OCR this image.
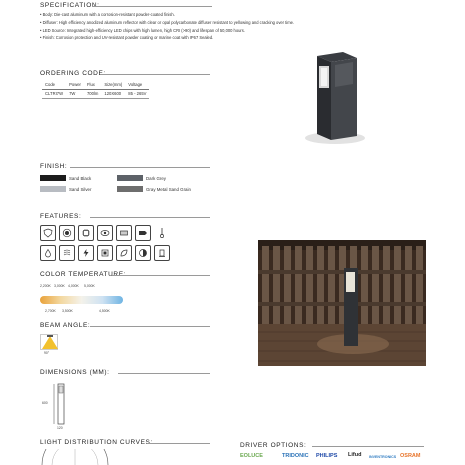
SPECIFICATION:
• Body: Die-cast aluminum with a corrosion-resistant powder-coated finish.
• Diffuser: High efficiency anodized aluminum reflector with clear or opal polycarbonate diffuser resistant to yellowing and cracking over time.
• LED Source: Integrated high-efficiency LED chips with high lumen, high CRI (>90) and lifespan of 50,000 hours.
• Finish: Corrosion protection and UV-resistant powder coating or marine coat with IP67 Sealed.
ORDERING CODE:
Code	Power	Flux	Size(mm)	Voltage
CLTRI7W	7W	700lm	120X600	85 - 265V
FINISH:
Sand Black
Sand Silver
Dark Grey
Gray Metal Sand Grain
FEATURES:
COLOR TEMPERATURE:
2,200K 3,000K 4,000K 5,000K
2,700K 3,500K	4,500K
BEAM ANGLE:
90°
DIMENSIONS (MM):
600
120
LIGHT DISTRIBUTION CURVES:	DRIVER OPTIONS:
EOLUCE	TRIDONIC PHILIPS Lifud INVENTRONICS OSRAM
